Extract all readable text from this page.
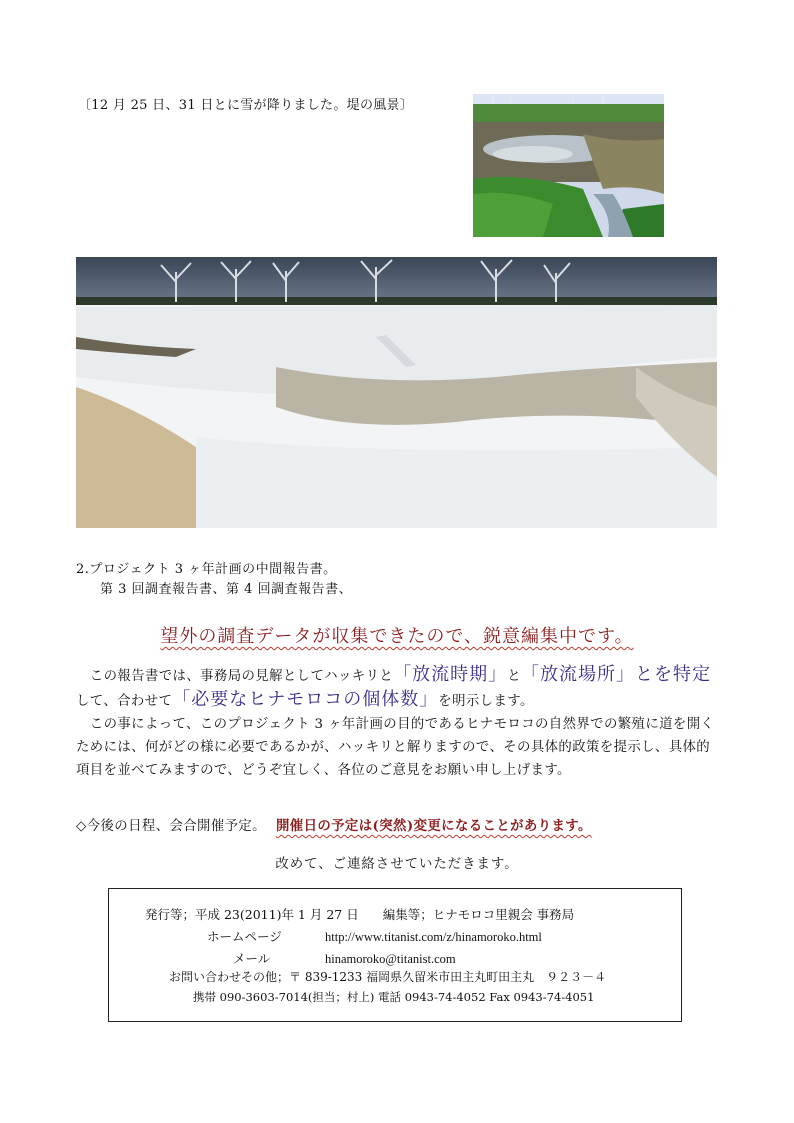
〔12 月 25 日、31 日とに雪が降りました。堤の風景〕
2.プロジェクト 3 ヶ年計画の中間報告書。
第 3 回調査報告書、第 4 回調査報告書、
望外の調査データが収集できたので、鋭意編集中です。
　この報告書では、事務局の見解としてハッキリと「放流時期」と「放流場所」とを特定して、合わせて「必要なヒナモロコの個体数」を明示します。
　この事によって、このプロジェクト 3 ヶ年計画の目的であるヒナモロコの自然界での繁殖に道を開くためには、何がどの様に必要であるかが、ハッキリと解りますので、その具体的政策を提示し、具体的項目を並べてみますので、どうぞ宜しく、各位のご意見をお願い申し上げます。
◇今後の日程、会合開催予定。 開催日の予定は(突然)変更になることがあります。
改めて、ご連絡させていただきます。
発行等；平成 23(2011)年 1 月 27 日 編集等；ヒナモロコ里親会 事務局
ホームページ	http://www.titanist.com/z/hinamoroko.html
メール	hinamoroko@titanist.com
お問い合わせその他；〒 839-1233 福岡県久留米市田主丸町田主丸　９２３－４
携帯 090-3603-7014(担当；村上) 電話 0943-74-4052 Fax 0943-74-4051
